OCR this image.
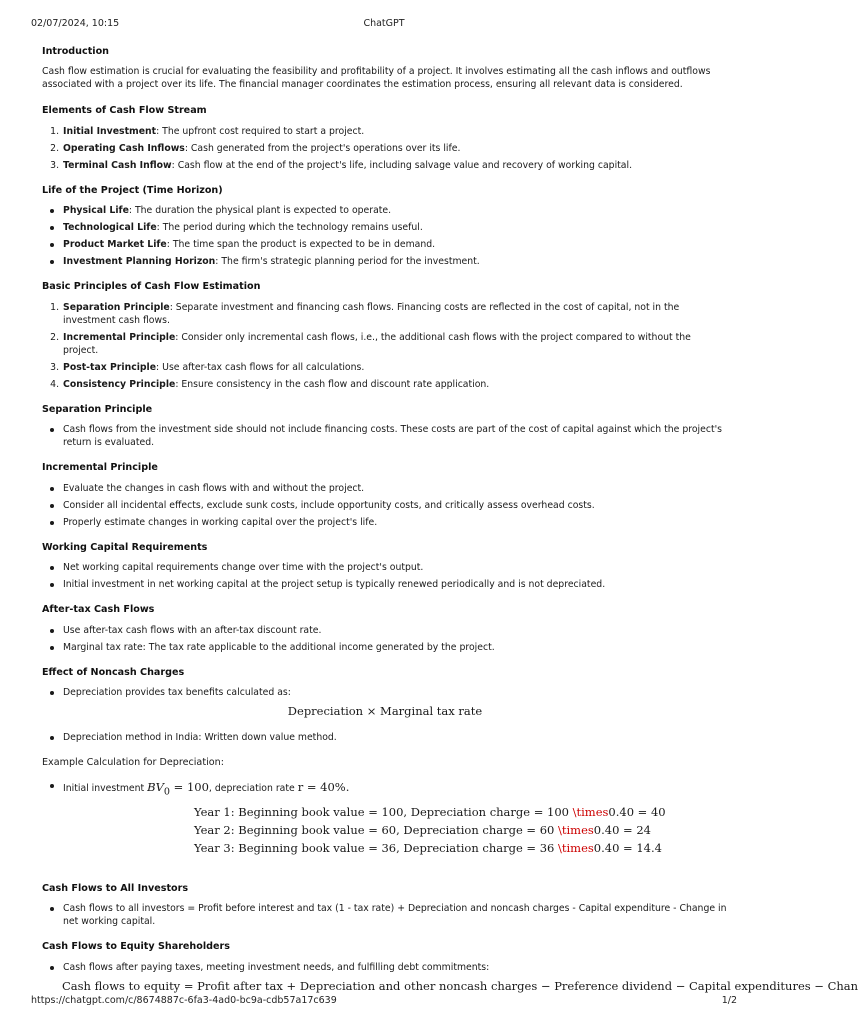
02/07/2024, 10:15	ChatGPT
Introduction

Cash flow estimation is crucial for evaluating the feasibility and profitability of a project. It involves estimating all the cash inflows and outflows associated with a project over its life. The financial manager coordinates the estimation process, ensuring all relevant data is considered.

Elements of Cash Flow Stream
1. Initial Investment: The upfront cost required to start a project.
2. Operating Cash Inflows: Cash generated from the project's operations over its life.
3. Terminal Cash Inflow: Cash flow at the end of the project's life, including salvage value and recovery of working capital.
Life of the Project (Time Horizon)
Physical Life: The duration the physical plant is expected to operate.
Technological Life: The period during which the technology remains useful.
Product Market Life: The time span the product is expected to be in demand.
Investment Planning Horizon: The firm's strategic planning period for the investment.
Basic Principles of Cash Flow Estimation
1. Separation Principle: Separate investment and financing cash flows. Financing costs are reflected in the cost of capital, not in the investment cash flows.
2. Incremental Principle: Consider only incremental cash flows, i.e., the additional cash flows with the project compared to without the project.
3. Post-tax Principle: Use after-tax cash flows for all calculations.
4. Consistency Principle: Ensure consistency in the cash flow and discount rate application.
Separation Principle
Cash flows from the investment side should not include financing costs. These costs are part of the cost of capital against which the project's return is evaluated.
Incremental Principle
Evaluate the changes in cash flows with and without the project.
Consider all incidental effects, exclude sunk costs, include opportunity costs, and critically assess overhead costs.
Properly estimate changes in working capital over the project's life.
Working Capital Requirements
Net working capital requirements change over time with the project's output.
Initial investment in net working capital at the project setup is typically renewed periodically and is not depreciated.
After-tax Cash Flows
Use after-tax cash flows with an after-tax discount rate.
Marginal tax rate: The tax rate applicable to the additional income generated by the project.
Effect of Noncash Charges
Depreciation provides tax benefits calculated as:
Depreciation × Marginal tax rate
Depreciation method in India: Written down value method.
Example Calculation for Depreciation:
Initial investment $BV_0 = 100$, depreciation rate r = 40%.
Year 1: Beginning book value = 100, Depreciation charge = 100 \times0.40 = 40
Year 2: Beginning book value = 60, Depreciation charge = 60 \times0.40 = 24
Year 3: Beginning book value = 36, Depreciation charge = 36 \times0.40 = 14.4
Cash Flows to All Investors
Cash flows to all investors = Profit before interest and tax (1 - tax rate) + Depreciation and noncash charges - Capital expenditure - Change in net working capital.
Cash Flows to Equity Shareholders
Cash flows after paying taxes, meeting investment needs, and fulfilling debt commitments:
Cash flows to equity = Profit after tax + Depreciation and other noncash charges − Preference dividend − Capital expenditures − Chan
https://chatgpt.com/c/8674887c-6fa3-4ad0-bc9a-cdb57a17c639	1/2
